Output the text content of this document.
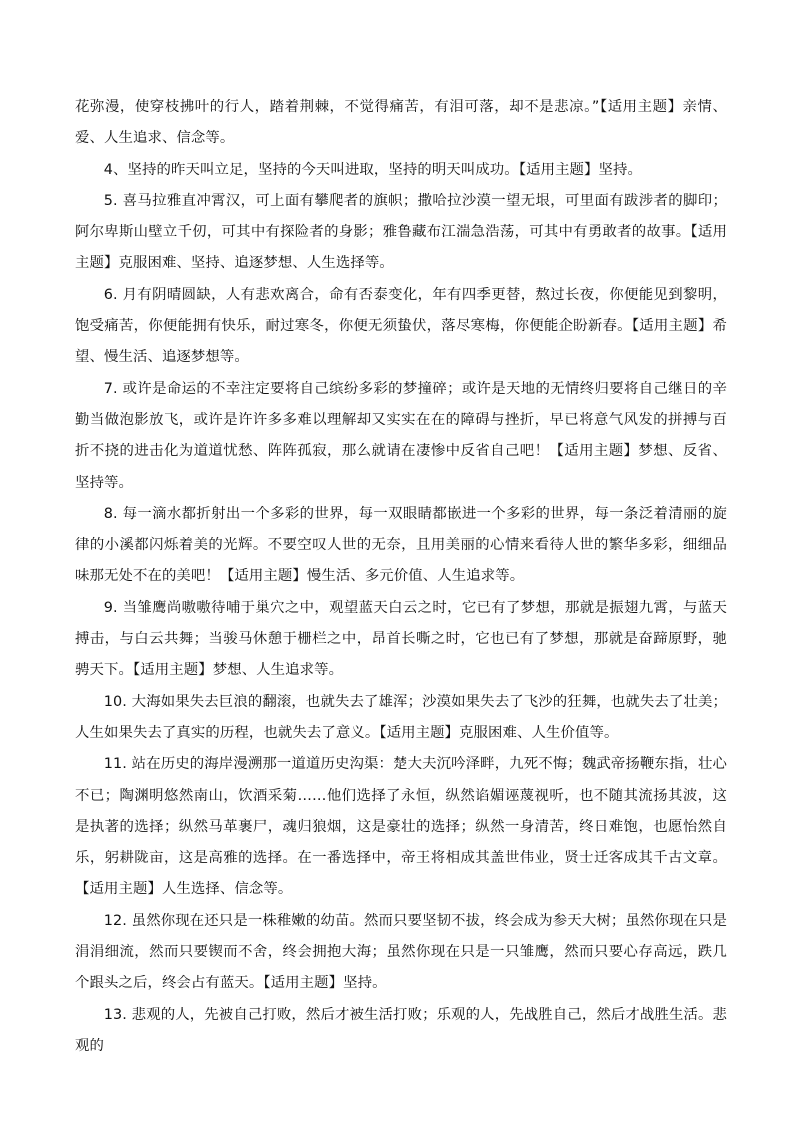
花弥漫，使穿枝拂叶的行人，踏着荆棘，不觉得痛苦，有泪可落，却不是悲凉。”【适用主题】亲情、爱、人生追求、信念等。

4、坚持的昨天叫立足，坚持的今天叫进取，坚持的明天叫成功。【适用主题】坚持。

5. 喜马拉雅直冲霄汉，可上面有攀爬者的旗帜；撒哈拉沙漠一望无垠，可里面有跋涉者的脚印；阿尔卑斯山壁立千仞，可其中有探险者的身影；雅鲁藏布江湍急浩荡，可其中有勇敢者的故事。【适用主题】克服困难、坚持、追逐梦想、人生选择等。

6. 月有阴晴圆缺，人有悲欢离合，命有否泰变化，年有四季更替，熬过长夜，你便能见到黎明，饱受痛苦，你便能拥有快乐，耐过寒冬，你便无须蛰伏，落尽寒梅，你便能企盼新春。【适用主题】希望、慢生活、追逐梦想等。

7. 或许是命运的不幸注定要将自己缤纷多彩的梦撞碎；或许是天地的无情终归要将自己继日的辛勤当做泡影放飞，或许是许许多多难以理解却又实实在在的障碍与挫折，早已将意气风发的拼搏与百折不挠的进击化为道道忧愁、阵阵孤寂，那么就请在凄惨中反省自己吧！【适用主题】梦想、反省、坚持等。

8. 每一滴水都折射出一个多彩的世界，每一双眼睛都嵌进一个多彩的世界，每一条泛着清丽的旋律的小溪都闪烁着美的光辉。不要空叹人世的无奈，且用美丽的心情来看待人世的繁华多彩，细细品味那无处不在的美吧！【适用主题】慢生活、多元价值、人生追求等。

9. 当雏鹰尚嗷嗷待哺于巢穴之中，观望蓝天白云之时，它已有了梦想，那就是振翅九霄，与蓝天搏击，与白云共舞；当骏马休憩于栅栏之中，昂首长嘶之时，它也已有了梦想，那就是奋蹄原野，驰骋天下。【适用主题】梦想、人生追求等。

10. 大海如果失去巨浪的翻滚，也就失去了雄浑；沙漠如果失去了飞沙的狂舞，也就失去了壮美；人生如果失去了真实的历程，也就失去了意义。【适用主题】克服困难、人生价值等。

11. 站在历史的海岸漫溯那一道道历史沟渠：楚大夫沉吟泽畔，九死不悔；魏武帝扬鞭东指，壮心不已；陶渊明悠然南山，饮酒采菊……他们选择了永恒，纵然谄媚诬蔑视听，也不随其流扬其波，这是执著的选择；纵然马革裹尸，魂归狼烟，这是豪壮的选择；纵然一身清苦，终日难饱，也愿怡然自乐，躬耕陇亩，这是高雅的选择。在一番选择中，帝王将相成其盖世伟业，贤士迁客成其千古文章。【适用主题】人生选择、信念等。

12. 虽然你现在还只是一株稚嫩的幼苗。然而只要坚韧不拔，终会成为参天大树；虽然你现在只是涓涓细流，然而只要锲而不舍，终会拥抱大海；虽然你现在只是一只雏鹰，然而只要心存高远，跌几个跟头之后，终会占有蓝天。【适用主题】坚持。

13. 悲观的人，先被自己打败，然后才被生活打败；乐观的人，先战胜自己，然后才战胜生活。悲观的
